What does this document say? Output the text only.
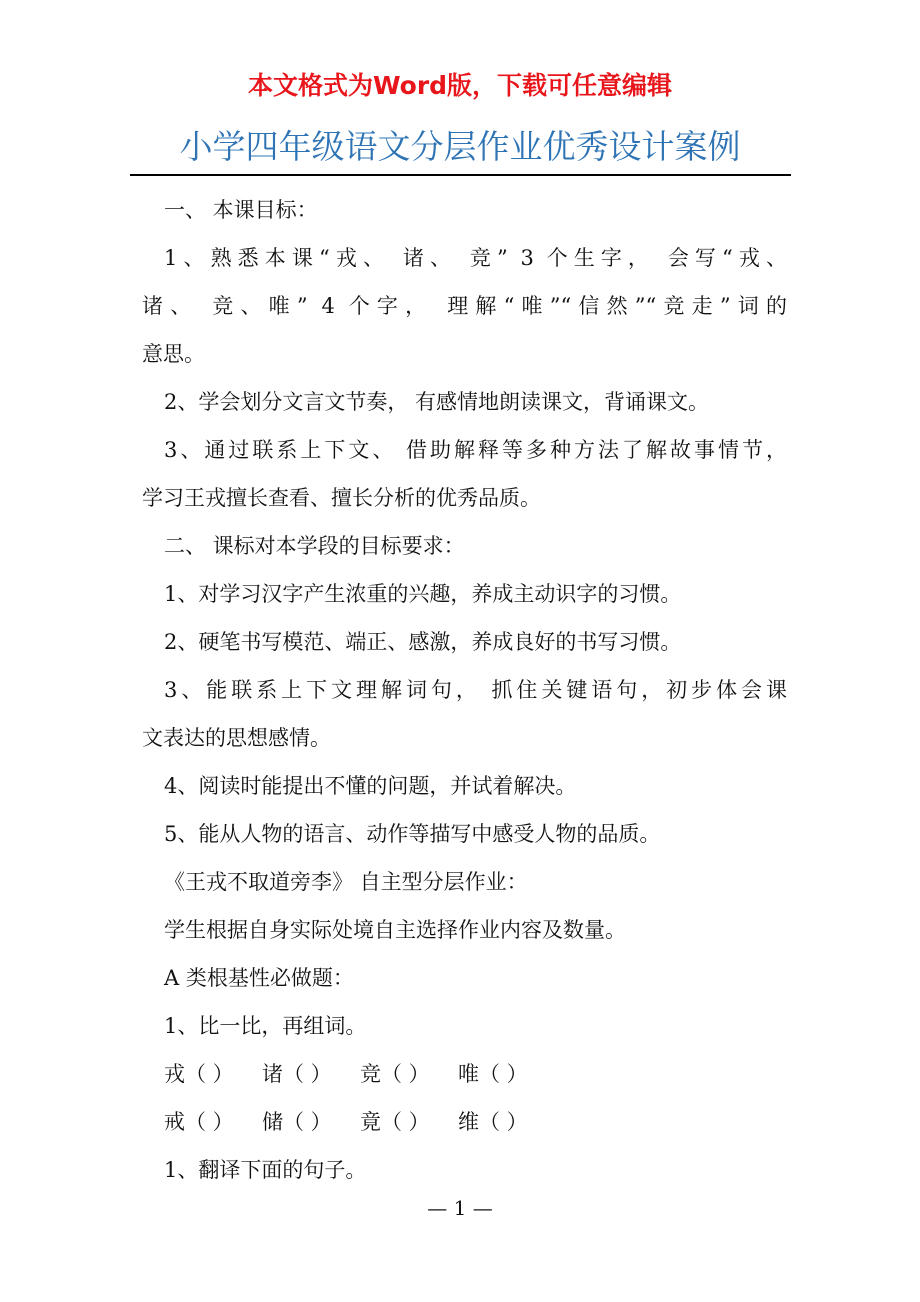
本文格式为Word版，下载可任意编辑
小学四年级语文分层作业优秀设计案例

一、 本课目标：

1、熟悉本课“戎、 诸、 竞” 3 个生字， 会写“戎、

诸、 竞、唯” 4 个字， 理解“唯”“信然”“竞走”词的

意思。

2、学会划分文言文节奏， 有感情地朗读课文，背诵课文。

3、通过联系上下文、 借助解释等多种方法了解故事情节，

学习王戎擅长查看、擅长分析的优秀品质。

二、 课标对本学段的目标要求：

1、对学习汉字产生浓重的兴趣，养成主动识字的习惯。

2、硬笔书写模范、端正、感激，养成良好的书写习惯。

3、能联系上下文理解词句， 抓住关键语句，初步体会课

文表达的思想感情。

4、阅读时能提出不懂的问题，并试着解决。

5、能从人物的语言、动作等描写中感受人物的品质。

《王戎不取道旁李》 自主型分层作业：

学生根据自身实际处境自主选择作业内容及数量。

A 类根基性必做题：

1、比一比，再组词。

戎（ ） 诸（ ） 竞（ ） 唯（ ）

戒（ ） 储（ ） 竟（ ） 维（ ）

1、翻译下面的句子。

— 1 —
